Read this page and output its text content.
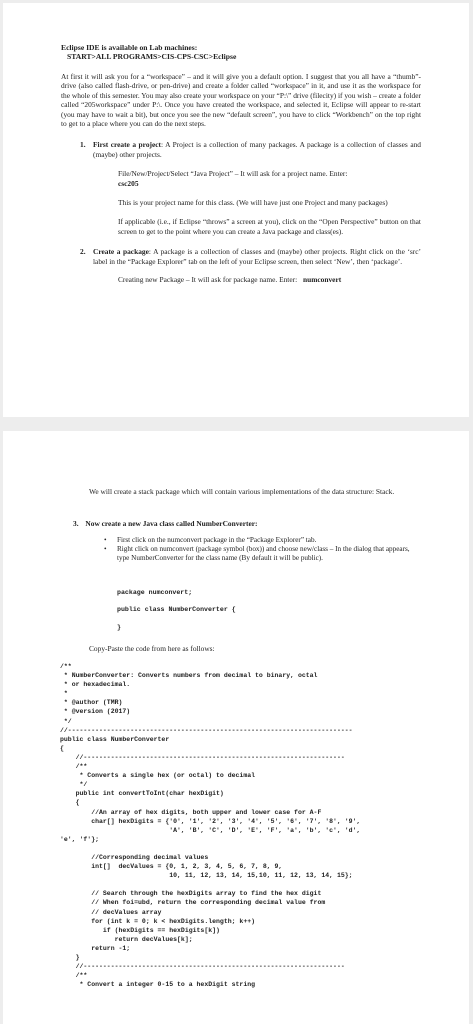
Eclipse IDE is available on Lab machines:
START>ALL PROGRAMS>CIS-CPS-CSC>Eclipse
At first it will ask you for a “workspace” – and it will give you a default option. I suggest that you all have a “thumb”-drive (also called flash-drive, or pen-drive) and create a folder called “workspace” in it, and use it as the workspace for the whole of this semester. You may also create your workspace on your “P:\” drive (filecity) if you wish – create a folder called “205workspace” under P:\. Once you have created the workspace, and selected it, Eclipse will appear to re-start (you may have to wait a bit), but once you see the new “default screen”, you have to click “Workbench” on the top right to get to a place where you can do the next steps.
1. First create a project: A Project is a collection of many packages. A package is a collection of classes and (maybe) other projects.
File/New/Project/Select “Java Project” – It will ask for a project name. Enter:
csc205
This is your project name for this class. (We will have just one Project and many packages)
If applicable (i.e., if Eclipse “throws” a screen at you), click on the “Open Perspective” button on that screen to get to the point where you can create a Java package and class(es).
2. Create a package: A package is a collection of classes and (maybe) other projects. Right click on the ‘src’ label in the “Package Explorer” tab on the left of your Eclipse screen, then select ‘New’, then ‘package’.
Creating new Package – It will ask for package name. Enter: numconvert
We will create a stack package which will contain various implementations of the data structure: Stack.
3. Now create a new Java class called NumberConverter:
• First click on the numconvert package in the “Package Explorer” tab.
• Right click on numconvert (package symbol (box)) and choose new/class – In the dialog that appears, type NumberConverter for the class name (By default it will be public).
package numconvert;
public class NumberConverter {
}
Copy-Paste the code from here as follows:
/**
* NumberConverter: Converts numbers from decimal to binary, octal
* or hexadecimal.
*
* @author (TMR)
* @version (2017)
*/
//-------------------------------------------------------------------------
public class NumberConverter
{
//-------------------------------------------------------------------
/**
* Converts a single hex (or octal) to decimal
*/
public int convertToInt(char hexDigit)
{
//An array of hex digits, both upper and lower case for A-F
char[] hexDigits = {'0', '1', '2', '3', '4', '5', '6', '7', '8', '9',
'A', 'B', 'C', 'D', 'E', 'F', 'a', 'b', 'c', 'd',
'e', 'f'};

//Corresponding decimal values
int[]  decValues = {0, 1, 2, 3, 4, 5, 6, 7, 8, 9,
10, 11, 12, 13, 14, 15,10, 11, 12, 13, 14, 15};

// Search through the hexDigits array to find the hex digit
// When foi=ubd, return the corresponding decimal value from
// decValues array
for (int k = 0; k < hexDigits.length; k++)
if (hexDigits == hexDigits[k])
return decValues[k];
return -1;
}
//-------------------------------------------------------------------
/**
* Convert a integer 0-15 to a hexDigit string
